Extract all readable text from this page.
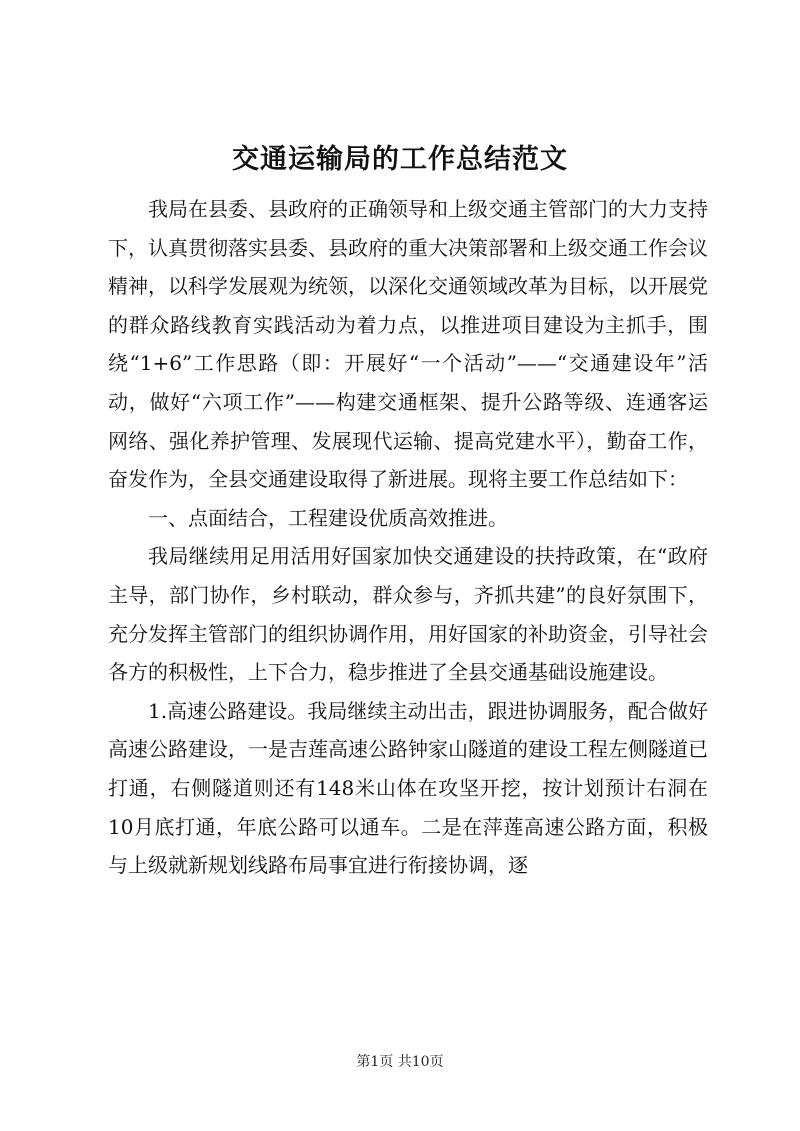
交通运输局的工作总结范文

我局在县委、县政府的正确领导和上级交通主管部门的大力支持下，认真贯彻落实县委、县政府的重大决策部署和上级交通工作会议精神，以科学发展观为统领，以深化交通领域改革为目标，以开展党的群众路线教育实践活动为着力点，以推进项目建设为主抓手，围绕“1+6”工作思路（即：开展好“一个活动”——“交通建设年”活动，做好“六项工作”——构建交通框架、提升公路等级、连通客运网络、强化养护管理、发展现代运输、提高党建水平），勤奋工作，奋发作为，全县交通建设取得了新进展。现将主要工作总结如下：

一、点面结合，工程建设优质高效推进。

我局继续用足用活用好国家加快交通建设的扶持政策，在“政府主导，部门协作，乡村联动，群众参与，齐抓共建”的良好氛围下，充分发挥主管部门的组织协调作用，用好国家的补助资金，引导社会各方的积极性，上下合力，稳步推进了全县交通基础设施建设。

1.高速公路建设。我局继续主动出击，跟进协调服务，配合做好高速公路建设，一是吉莲高速公路钟家山隧道的建设工程左侧隧道已打通，右侧隧道则还有148米山体在攻坚开挖，按计划预计右洞在10月底打通，年底公路可以通车。二是在萍莲高速公路方面，积极与上级就新规划线路布局事宜进行衔接协调，逐

第1页 共10页
